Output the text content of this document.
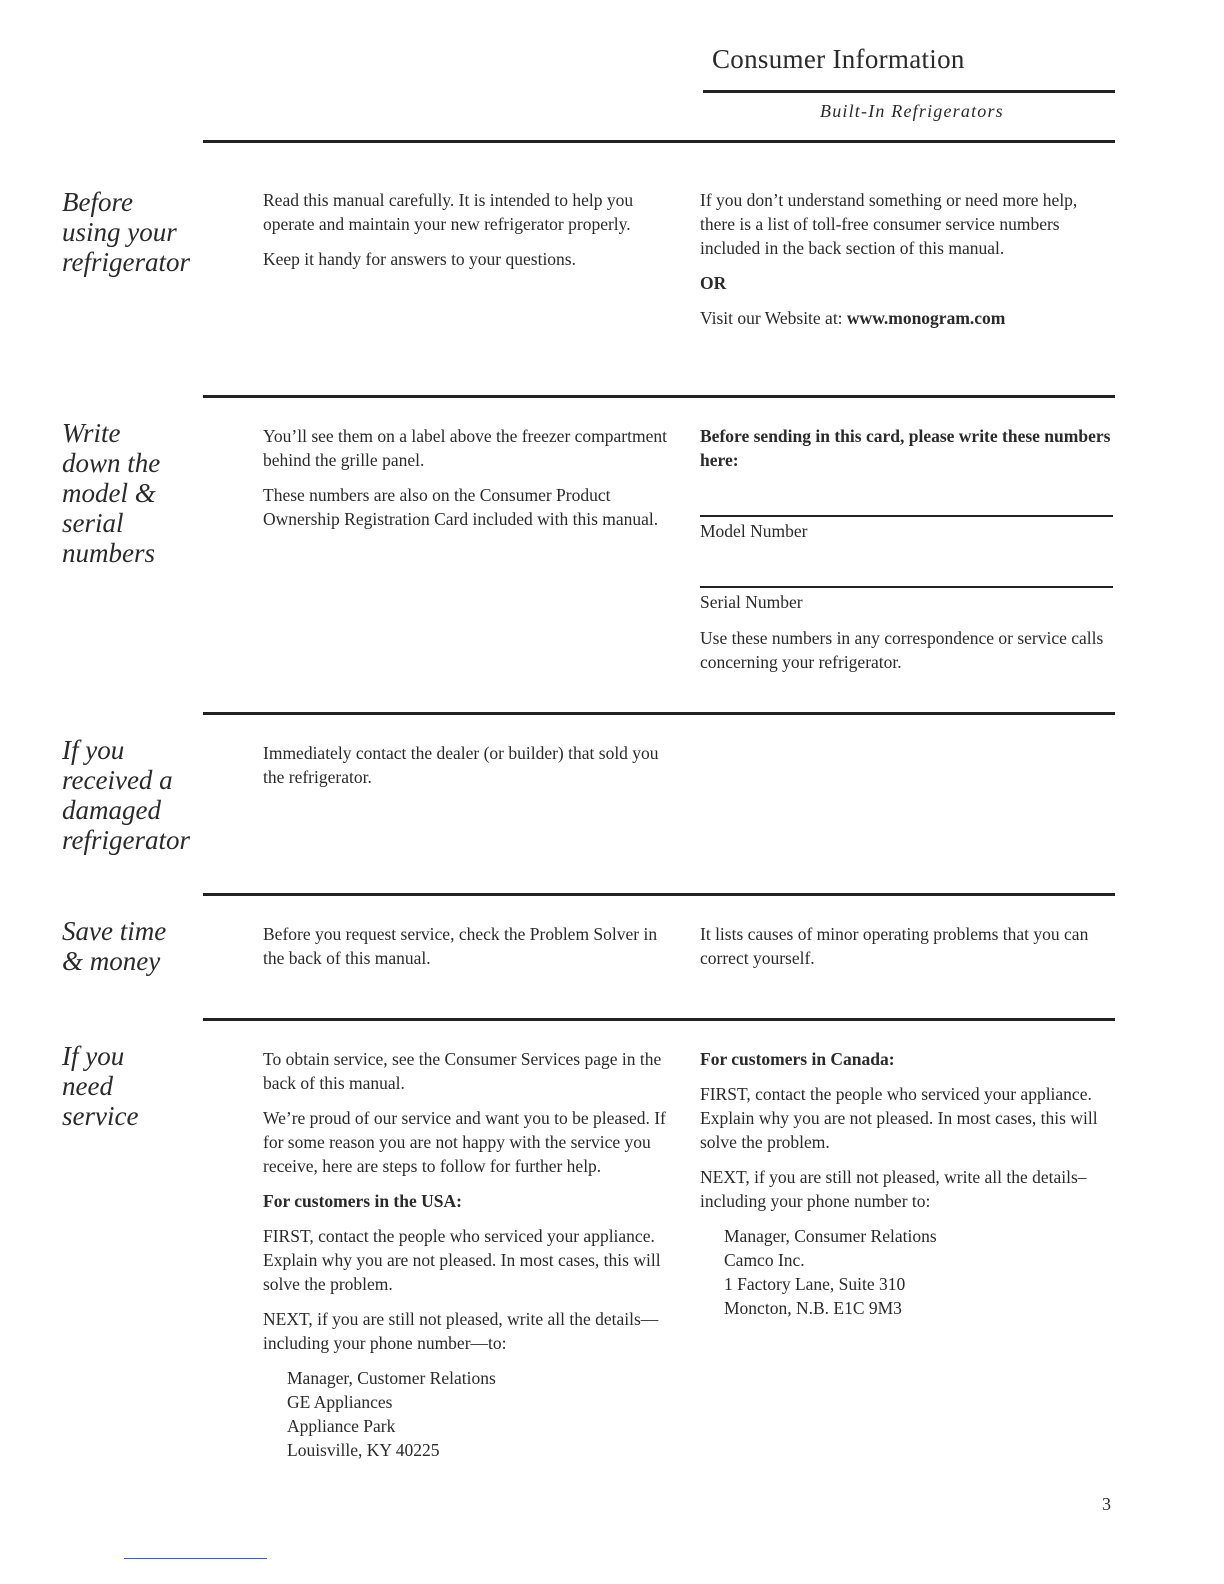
Consumer Information
Built-In Refrigerators
Before
using your
refrigerator

Read this manual carefully. It is intended to help you operate and maintain your new refrigerator properly.

Keep it handy for answers to your questions.

If you don’t understand something or need more help, there is a list of toll-free consumer service numbers included in the back section of this manual.

OR

Visit our Website at: www.monogram.com

Write
down the
model &
serial
numbers

You’ll see them on a label above the freezer compartment behind the grille panel.

These numbers are also on the Consumer Product Ownership Registration Card included with this manual.

Before sending in this card, please write these numbers here:

Model Number
Serial Number
Use these numbers in any correspondence or service calls concerning your refrigerator.
If you
received a
damaged
refrigerator
Immediately contact the dealer (or builder) that sold you the refrigerator.
Save time
& money
Before you request service, check the Problem Solver in the back of this manual.
It lists causes of minor operating problems that you can correct yourself.
If you
need
service

To obtain service, see the Consumer Services page in the back of this manual.

We’re proud of our service and want you to be pleased. If for some reason you are not happy with the service you receive, here are steps to follow for further help.

For customers in the USA:

FIRST, contact the people who serviced your appliance. Explain why you are not pleased. In most cases, this will solve the problem.

NEXT, if you are still not pleased, write all the details—including your phone number—to:

Manager, Customer Relations
GE Appliances
Appliance Park
Louisville, KY 40225

For customers in Canada:

FIRST, contact the people who serviced your appliance. Explain why you are not pleased. In most cases, this will solve the problem.

NEXT, if you are still not pleased, write all the details–including your phone number to:

Manager, Consumer Relations
Camco Inc.
1 Factory Lane, Suite 310
Moncton, N.B. E1C 9M3
3
